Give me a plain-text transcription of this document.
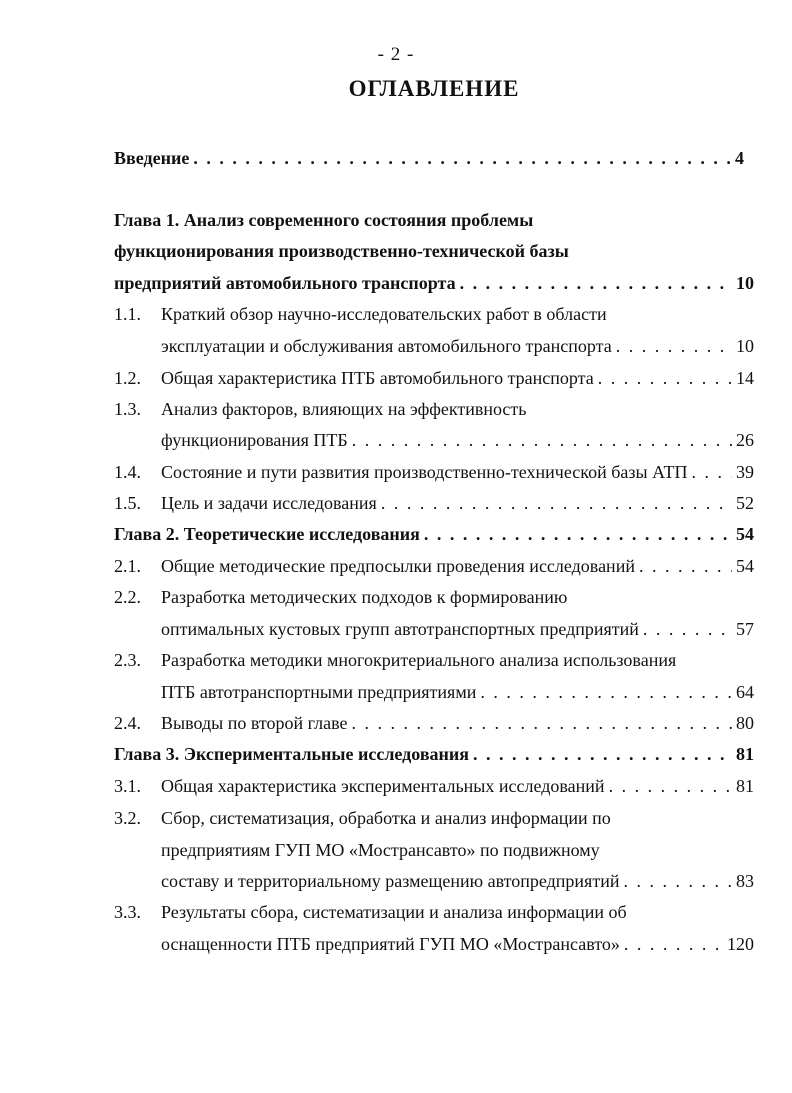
- 2 -
ОГЛАВЛЕНИЕ
Введение . . .	4
Глава 1. Анализ современного состояния проблемы
функционирования производственно-технической базы
предприятий автомобильного транспорта . . .	10
1.1. Краткий обзор научно-исследовательских работ в области
эксплуатации и обслуживания автомобильного транспорта . . .	10
1.2. Общая характеристика ПТБ автомобильного транспорта . . .	14
1.3. Анализ факторов, влияющих на эффективность
функционирования ПТБ . . .	26
1.4. Состояние и пути развития производственно-технической базы АТП . . .	39
1.5. Цель и задачи исследования . . .	52
Глава 2. Теоретические исследования . . .	54
2.1. Общие методические предпосылки проведения исследований . . .	54
2.2. Разработка методических подходов к формированию
оптимальных кустовых групп автотранспортных предприятий . . .	57
2.3. Разработка методики многокритериального анализа использования
ПТБ автотранспортными предприятиями . . .	64
2.4. Выводы по второй главе . . .	80
Глава 3. Экспериментальные исследования . . .	81
3.1. Общая характеристика экспериментальных исследований . . .	81
3.2. Сбор, систематизация, обработка и анализ информации по
предприятиям ГУП МО «Мострансавто» по подвижному
составу и территориальному размещению автопредприятий . . .	83
3.3. Результаты сбора, систематизации и анализа информации об
оснащенности ПТБ предприятий ГУП МО «Мострансавто» . . .	120
